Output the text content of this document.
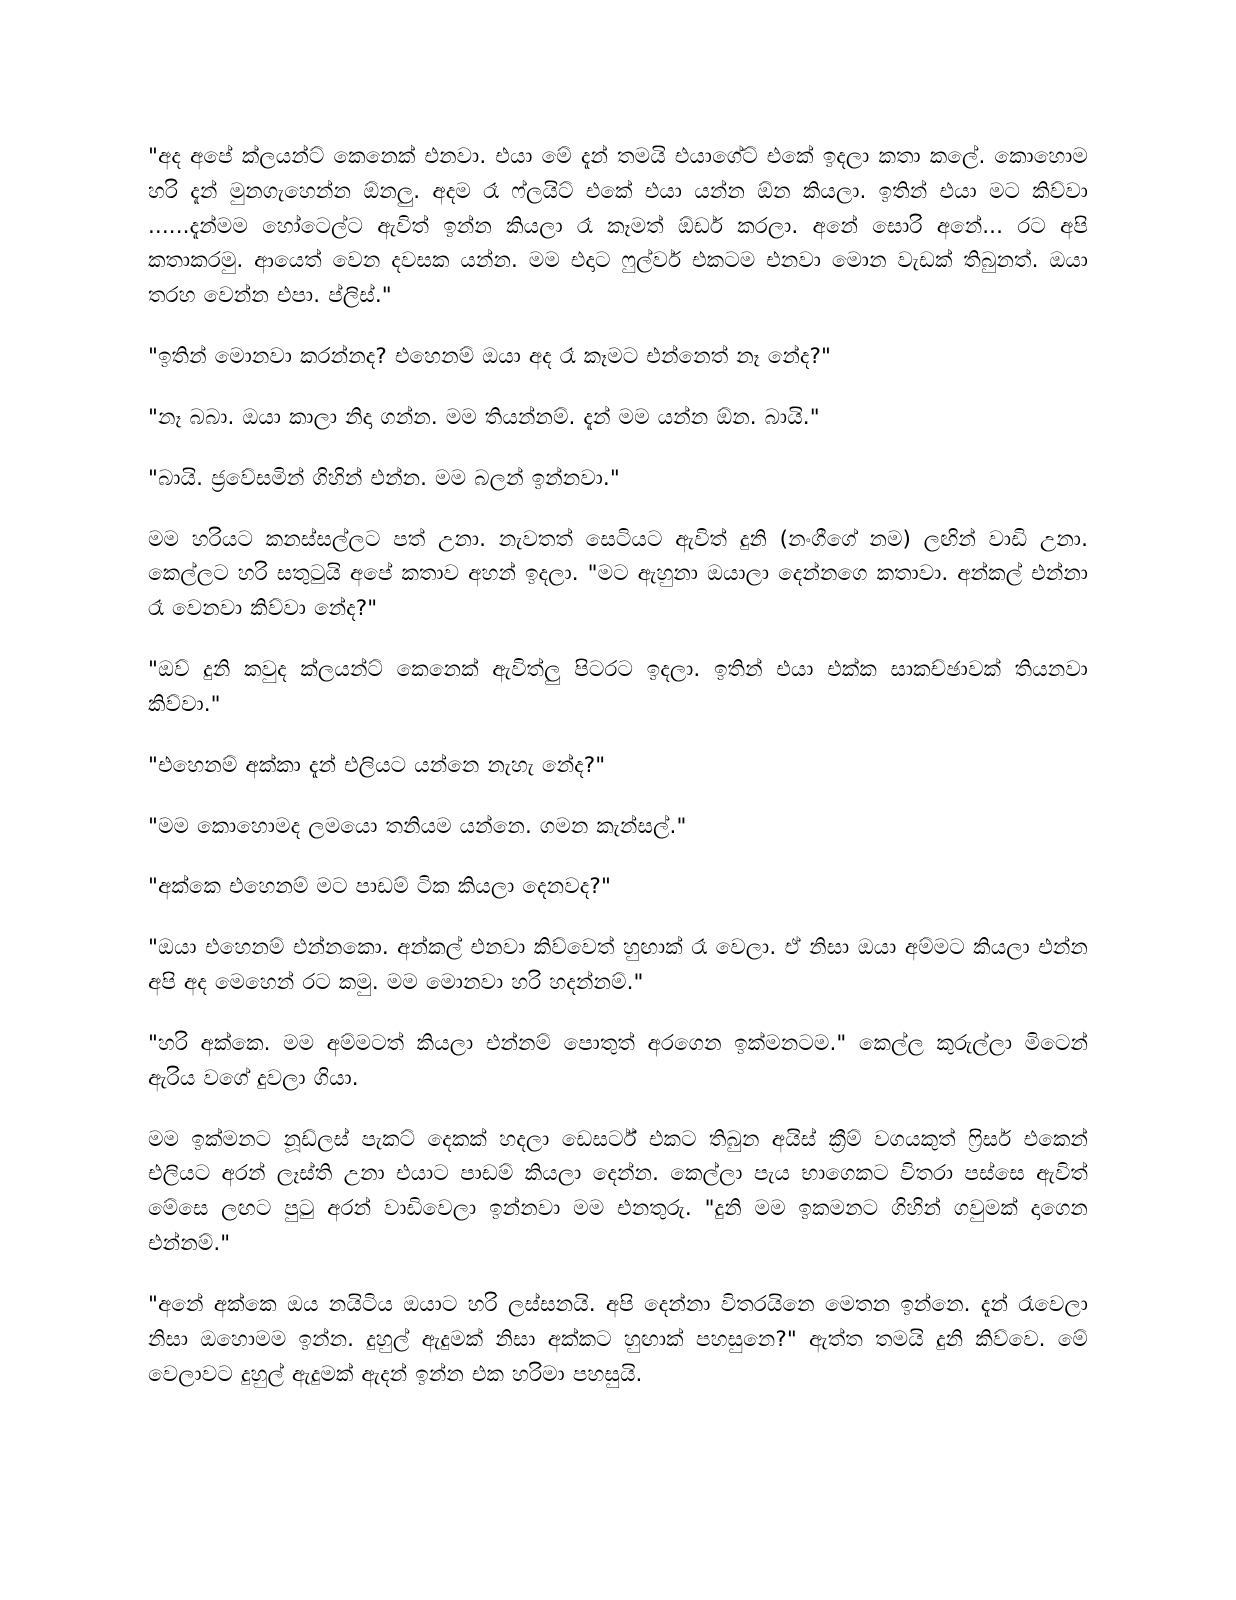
"අද අපේ ක්ලයන්ට් කෙනෙක් එනවා. එයා මේ දැන් තමයි එයාගේට් එකේ ඉදලා කතා කලේ. කොහොම හරි දැන් මුනගැහෙන්න ඕනලු. අදම රෑ ෆ්ලයිට් එකේ එයා යන්න ඕන කියලා. ඉතින් එයා මට කිව්වා ......දැන්මම හෝටෙල්ට ඇවිත් ඉන්න කියලා රෑ කෑමත් ඕඩර් කරලා. අනේ සොරි අනේ... රට අපි කතාකරමු. ආයෙත් වෙන දවසක යන්න. මම එදාට ෆුල්වර් එකටම එනවා මොන වැඩක් තිබුනත්. ඔයා තරහ වෙන්න එපා. ප්ලිස්."

"ඉතින් මොනවා කරන්නද? එහෙනම් ඔයා අද රෑ කෑමට එන්නෙත් නෑ නේද?"

"නෑ බබා. ඔයා කාලා නිදා ගන්න. මම තියන්නම්. දැන් මම යන්න ඕන. බායි."

"බායි. ජ්‍රවේසමින් ගිහින් එන්න. මම බලන් ඉන්නවා."

මම හරියට කනස්සල්ලට පත් උනා. නැවතත් සෙටියට ඇවිත් දුනි (නංගීගේ නම) ලඟින් වාඩි උනා. කෙල්ලට හරි සතුටුයි අපේ කතාව අහන් ඉදලා. "මට ඇහුනා ඔයාලා දෙන්නගෙ කතාවා. අන්කල් එන්නා රෑ වෙනවා කිව්වා නේද?"

"ඔව් දුනි කවුද ක්ලයන්ට් කෙනෙක් ඇවිත්ලු පිටරට ඉදලා. ඉතින් එයා එක්ක සාකච්ඡාවක් තියනවා කිව්වා."

"එහෙනම් අක්කා දැන් එලියට යන්නෙ නැහැ නේද?"

"මම කොහොමද ලමයො තනියම යන්නෙ. ගමන කැන්සල්."

"අක්කෙ එහෙනම් මට පාඩම් ටික කියලා දෙනවද?"

"ඔයා එහෙනම් එන්නකො. අන්කල් එනවා කිව්වෙත් හුඟාක් රෑ වෙලා. ඒ නිසා ඔයා අම්මට කියලා එන්න අපි අද මෙහෙන් රට කමු. මම මොනවා හරි හදන්නම්."

"හරි අක්කෙ. මම අම්මටත් කියලා එන්නම් පොතුත් අරගෙන ඉක්මනටම." කෙල්ල කුරුල්ලා මිටෙන් ඇරිය වගේ දුවලා ගියා.

මම ඉක්මනට නූඩ්ලස් පැකට් දෙකක් හදලා ඩෙසර්ට් එකට තිබුන අයිස් ක්‍රීම් වගයකුත් ෆ්‍රිසර් එකෙන් එලියට අරන් ලෑස්ති උනා එයාට පාඩම් කියලා දෙන්න. කෙල්ලා පැය භාගෙකට විතරා පස්සෙ ඇවිත් මේසෙ ලඟට පුටු අරන් වාඩිවෙලා ඉන්නවා මම එනතුරු. "දුනි මම ඉකමනට ගිහින් ගවුමක් දාගෙන එන්නම්."

"අනේ අක්කෙ ඔය නයිටිය ඔයාට හරි ලස්සනයි. අපි දෙන්නා විතරයිනෙ මෙතන ඉන්නෙ. දැන් රෑවෙලා නිසා ඔහොමම ඉන්න. දුහුල් ඇදුමක් නිසා අක්කට හුඟාක් පහසුනෙ?" ඇත්ත තමයි දුනි කිව්වෙ. මේ වෙලාවට දුහුල් ඇදුමක් ඇදන් ඉන්න එක හරිමා පහසුයි.
